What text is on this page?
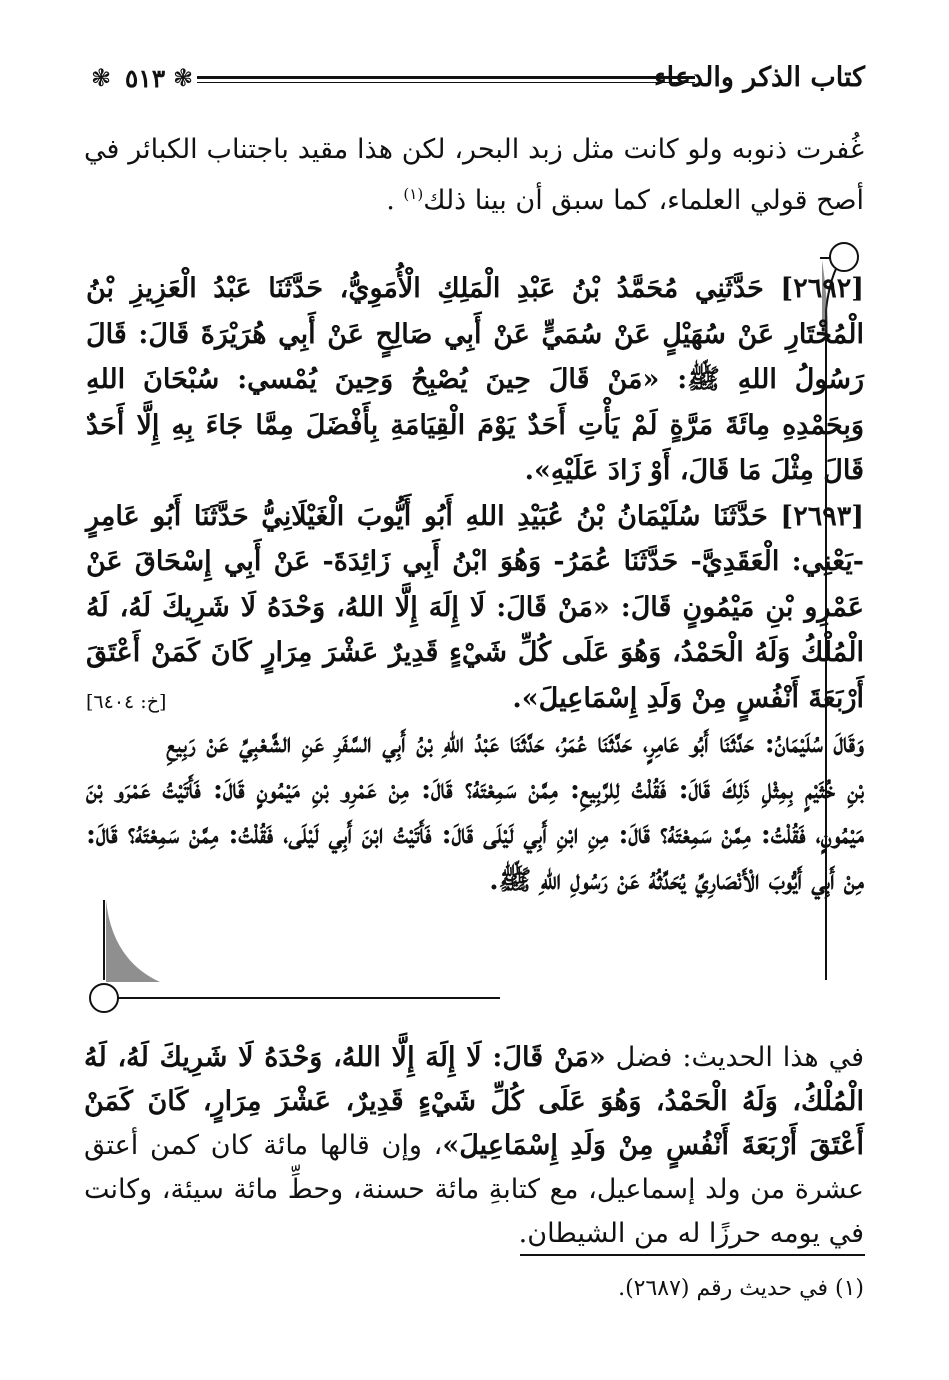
كتاب الذكر والدعاء
❃ ٥١٣ ❃
غُفرت ذنوبه ولو كانت مثل زبد البحر، لكن هذا مقيد باجتناب الكبائر في أصح قولي العلماء، كما سبق أن بينا ذلك$^{(١)}$ .

[٢٦٩٢] حَدَّثَنِي مُحَمَّدُ بْنُ عَبْدِ الْمَلِكِ الْأُمَوِيُّ، حَدَّثَنَا عَبْدُ الْعَزِيزِ بْنُ الْمُخْتَارِ عَنْ سُهَيْلٍ عَنْ سُمَيٍّ عَنْ أَبِي صَالِحٍ عَنْ أَبِي هُرَيْرَةَ قَالَ: قَالَ رَسُولُ اللهِ ﷺ: «مَنْ قَالَ حِينَ يُصْبِحُ وَحِينَ يُمْسي: سُبْحَانَ اللهِ وَبِحَمْدِهِ مِائَةَ مَرَّةٍ لَمْ يَأْتِ أَحَدٌ يَوْمَ الْقِيَامَةِ بِأَفْضَلَ مِمَّا جَاءَ بِهِ إِلَّا أَحَدٌ قَالَ مِثْلَ مَا قَالَ، أَوْ زَادَ عَلَيْهِ».

[٢٦٩٣] حَدَّثَنَا سُلَيْمَانُ بْنُ عُبَيْدِ اللهِ أَبُو أَيُّوبَ الْغَيْلَانِيُّ حَدَّثَنَا أَبُو عَامِرٍ -يَعْنِي: الْعَقَدِيَّ- حَدَّثَنَا عُمَرُ- وَهُوَ ابْنُ أَبِي زَائِدَةَ- عَنْ أَبِي إِسْحَاقَ عَنْ عَمْرِو بْنِ مَيْمُونٍ قَالَ: «مَنْ قَالَ: لَا إِلَهَ إِلَّا اللهُ، وَحْدَهُ لَا شَرِيكَ لَهُ، لَهُ الْمُلْكُ وَلَهُ الْحَمْدُ، وَهُوَ عَلَى كُلِّ شَيْءٍ قَدِيرٌ عَشْرَ مِرَارٍ كَانَ كَمَنْ أَعْتَقَ أَرْبَعَةَ أَنْفُسٍ مِنْ وَلَدِ إِسْمَاعِيلَ».
[خ: ٦٤٠٤]

وَقَالَ سُلَيْمَانُ: حَدَّثَنَا أَبُو عَامِرٍ، حَدَّثَنَا عُمَرُ، حَدَّثَنَا عَبْدُ اللهِ بْنُ أَبِي السَّفَرِ عَنِ الشَّعْبِيِّ عَنْ رَبِيعِ بْنِ خُثَيْمٍ بِمِثْلِ ذَلِكَ قَالَ: فَقُلْتُ لِلرَّبِيعِ: مِمَّنْ سَمِعْتَهُ؟ قَالَ: مِنْ عَمْرِو بْنِ مَيْمُونٍ قَالَ: فَأَتَيْتُ عَمْرَو بْنَ مَيْمُونٍ، فَقُلْتُ: مِمَّنْ سَمِعْتَهُ؟ قَالَ: مِنِ ابْنِ أَبِي لَيْلَى قَالَ: فَأَتَيْتُ ابْنَ أَبِي لَيْلَى، فَقُلْتُ: مِمَّنْ سَمِعْتَهُ؟ قَالَ: مِنْ أَبِي أَيُّوبَ الْأَنْصَارِيِّ يُحَدِّثُهُ عَنْ رَسُولِ اللهِ ﷺ.

في هذا الحديث: فضل «مَنْ قَالَ: لَا إِلَهَ إِلَّا اللهُ، وَحْدَهُ لَا شَرِيكَ لَهُ، لَهُ الْمُلْكُ، وَلَهُ الْحَمْدُ، وَهُوَ عَلَى كُلِّ شَيْءٍ قَدِيرٌ، عَشْرَ مِرَارٍ، كَانَ كَمَنْ أَعْتَقَ أَرْبَعَةَ أَنْفُسٍ مِنْ وَلَدِ إِسْمَاعِيلَ»، وإن قالها مائة كان كمن أعتق عشرة من ولد إسماعيل، مع كتابةِ مائة حسنة، وحطِّ مائة سيئة، وكانت في يومه حرزًا له من الشيطان.
(١) في حديث رقم (٢٦٨٧).
